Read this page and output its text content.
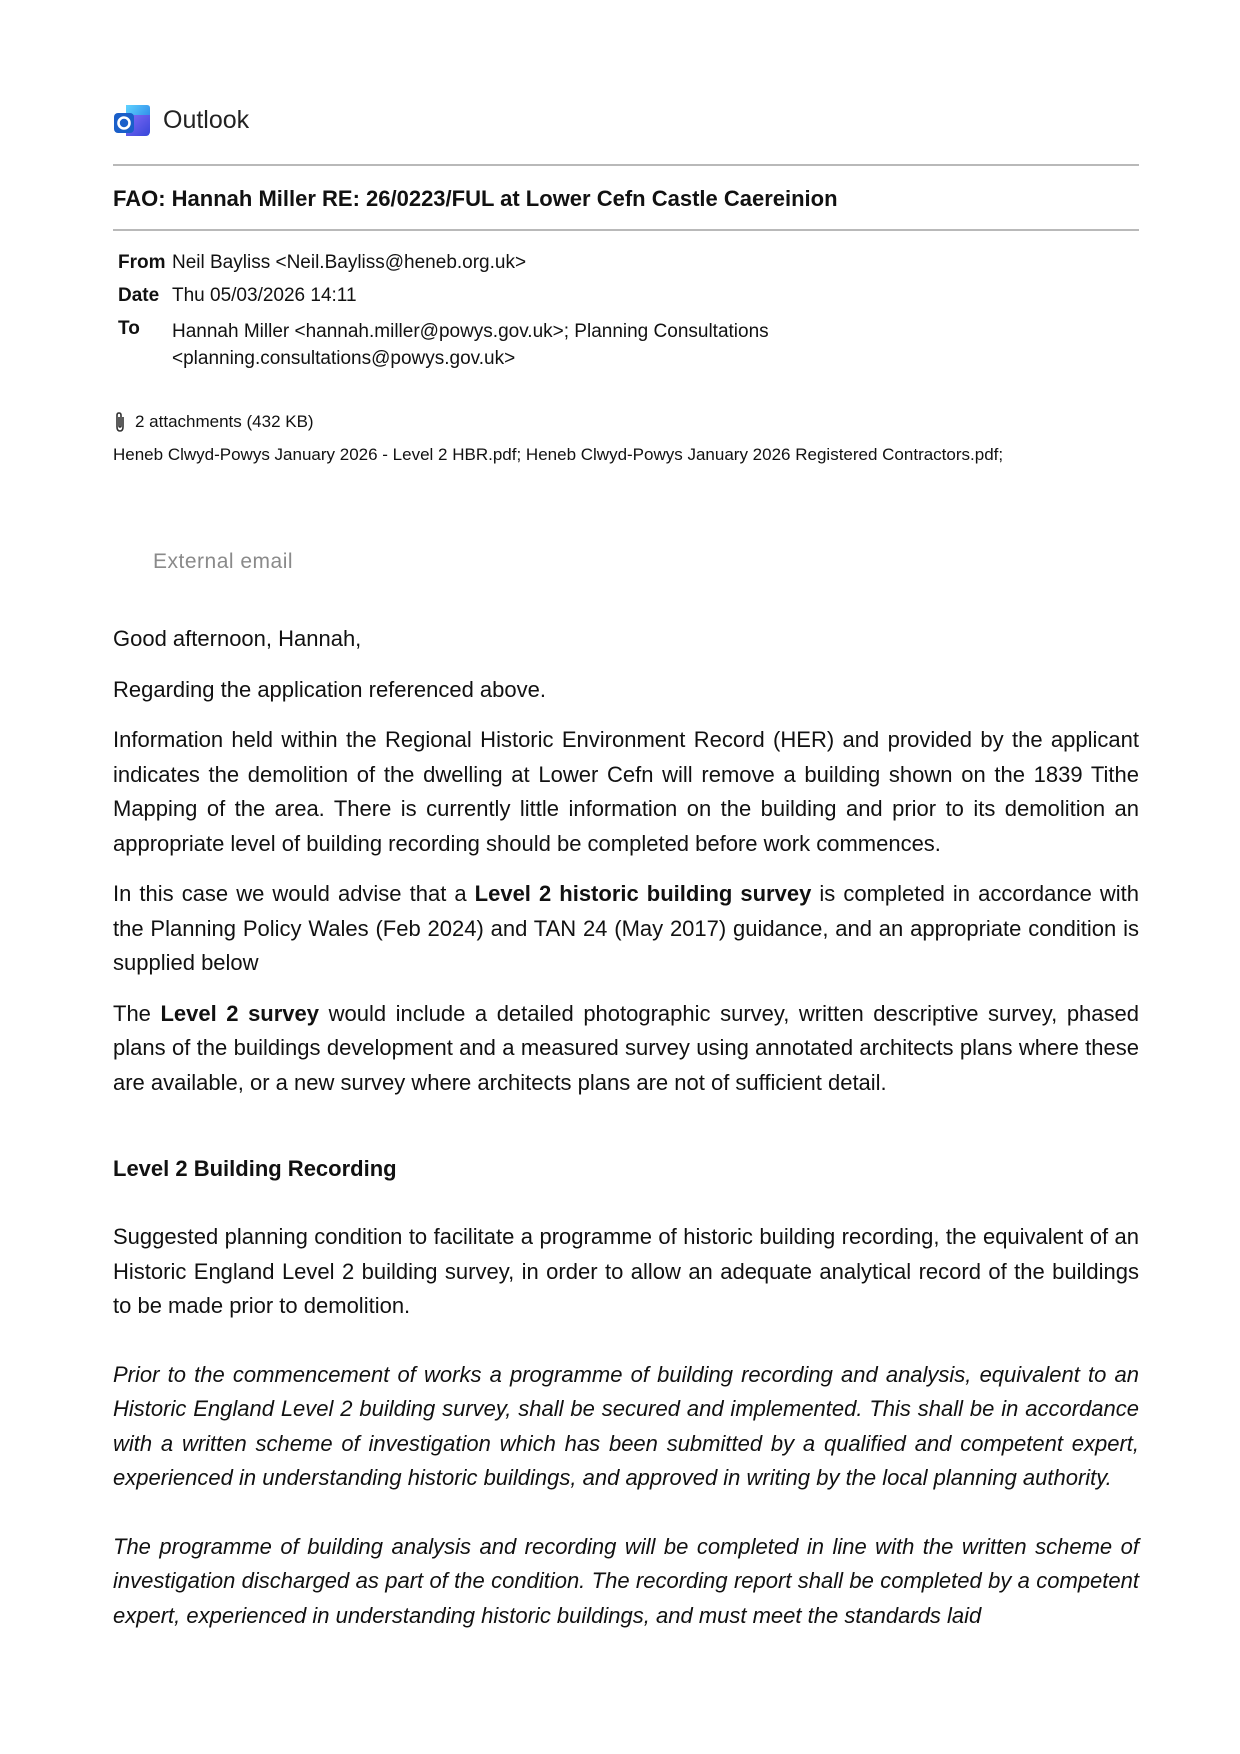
Outlook
FAO: Hannah Miller RE: 26/0223/FUL at Lower Cefn Castle Caereinion
From Neil Bayliss <Neil.Bayliss@heneb.org.uk>
Date Thu 05/03/2026 14:11
To	Hannah Miller <hannah.miller@powys.gov.uk>; Planning Consultations <planning.consultations@powys.gov.uk>
2 attachments (432 KB)
Heneb Clwyd-Powys January 2026 - Level 2 HBR.pdf; Heneb Clwyd-Powys January 2026 Registered Contractors.pdf;
External email

Good afternoon, Hannah,

Regarding the application referenced above.

Information held within the Regional Historic Environment Record (HER) and provided by the applicant indicates the demolition of the dwelling at Lower Cefn will remove a building shown on the 1839 Tithe Mapping of the area. There is currently little information on the building and prior to its demolition an appropriate level of building recording should be completed before work commences.

In this case we would advise that a Level 2 historic building survey is completed in accordance with the Planning Policy Wales (Feb 2024) and TAN 24 (May 2017) guidance, and an appropriate condition is supplied below

The Level 2 survey would include a detailed photographic survey, written descriptive survey, phased plans of the buildings development and a measured survey using annotated architects plans where these are available, or a new survey where architects plans are not of sufficient detail.

Level 2 Building Recording

Suggested planning condition to facilitate a programme of historic building recording, the equivalent of an Historic England Level 2 building survey, in order to allow an adequate analytical record of the buildings to be made prior to demolition.

Prior to the commencement of works a programme of building recording and analysis, equivalent to an Historic England Level 2 building survey, shall be secured and implemented. This shall be in accordance with a written scheme of investigation which has been submitted by a qualified and competent expert, experienced in understanding historic buildings, and approved in writing by the local planning authority.

The programme of building analysis and recording will be completed in line with the written scheme of investigation discharged as part of the condition. The recording report shall be completed by a competent expert, experienced in understanding historic buildings, and must meet the standards laid
